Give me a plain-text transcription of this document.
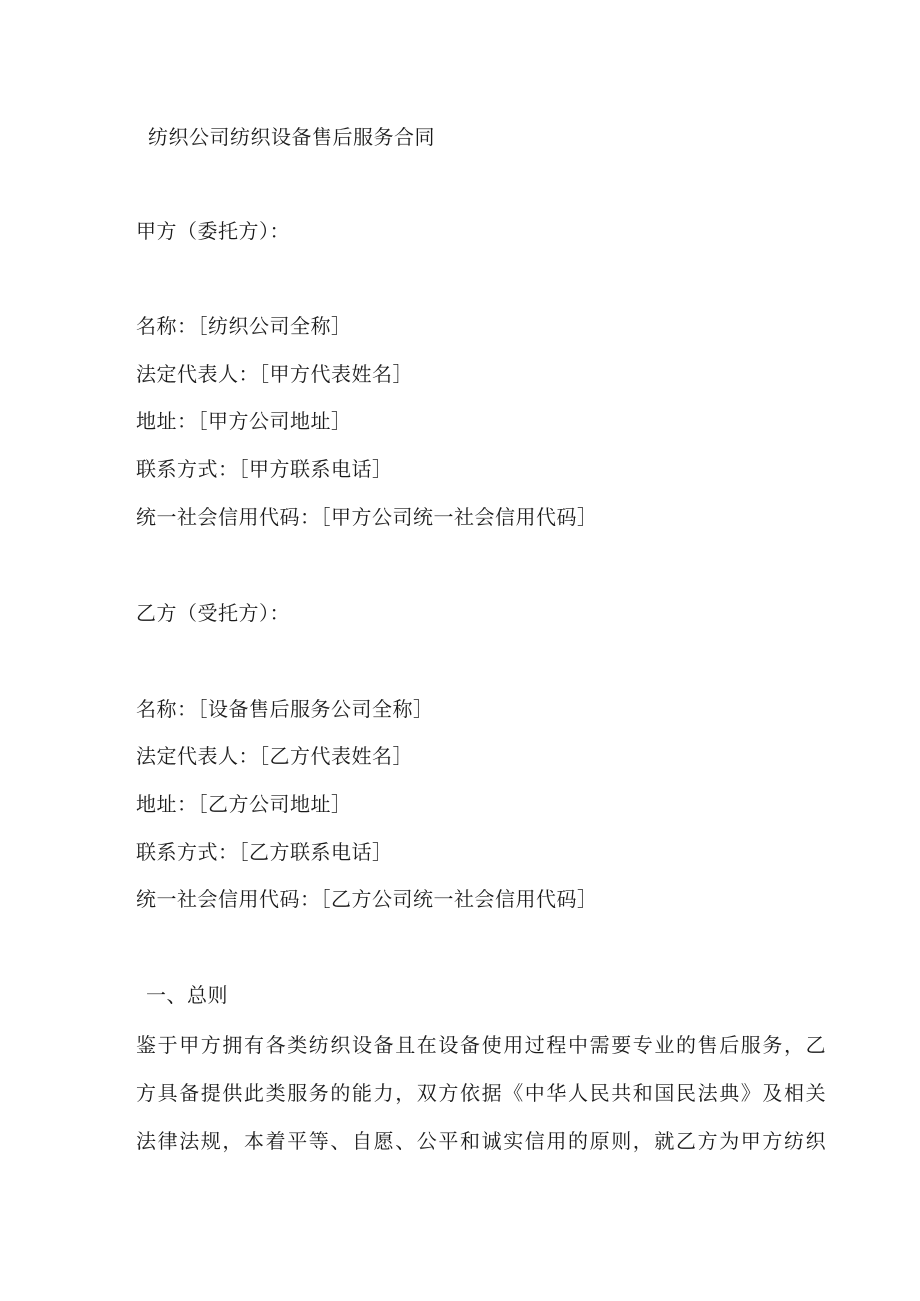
纺织公司纺织设备售后服务合同
甲方（委托方）：
名称：［纺织公司全称］
法定代表人：［甲方代表姓名］
地址：［甲方公司地址］
联系方式：［甲方联系电话］
统一社会信用代码：［甲方公司统一社会信用代码］
乙方（受托方）：
名称：［设备售后服务公司全称］
法定代表人：［乙方代表姓名］
地址：［乙方公司地址］
联系方式：［乙方联系电话］
统一社会信用代码：［乙方公司统一社会信用代码］
一、总则
鉴于甲方拥有各类纺织设备且在设备使用过程中需要专业的售后服务，乙
方具备提供此类服务的能力，双方依据《中华人民共和国民法典》及相关
法律法规，本着平等、自愿、公平和诚实信用的原则，就乙方为甲方纺织
